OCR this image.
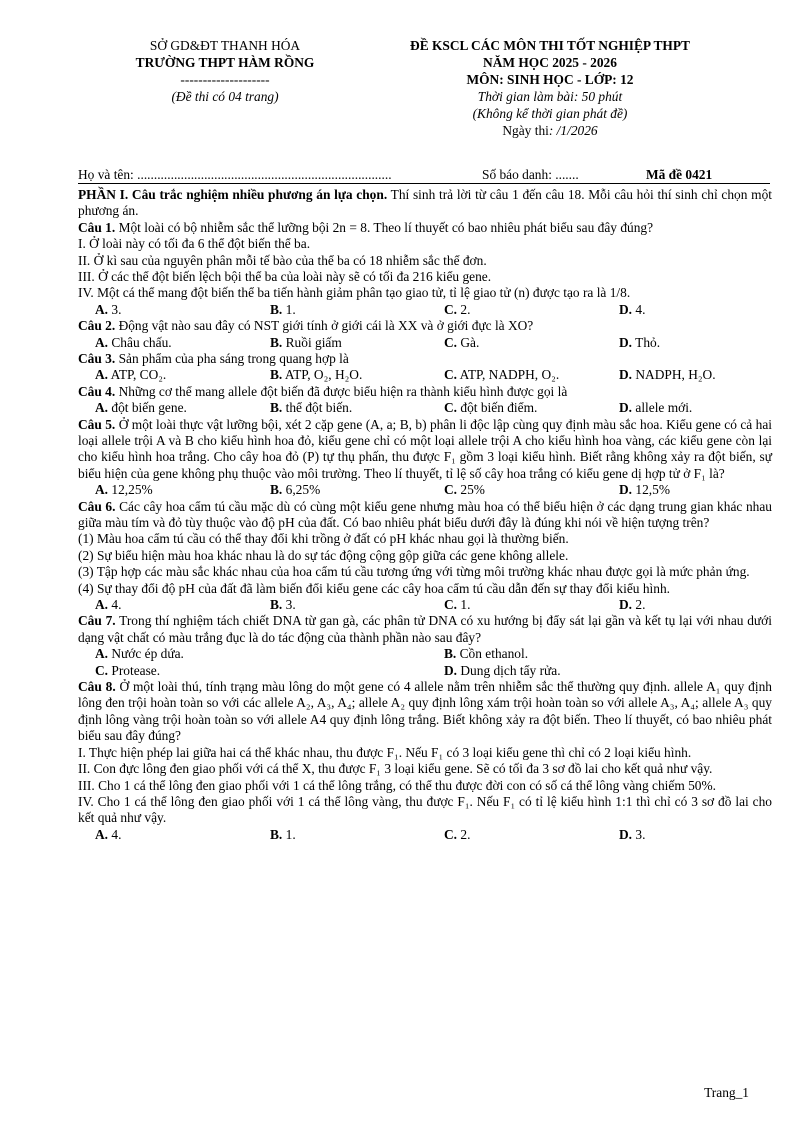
SỞ GD&ĐT THANH HÓA
TRƯỜNG THPT HÀM RỒNG
--------------------
(Đề thi có 04 trang)
ĐỀ KSCL CÁC MÔN THI TỐT NGHIỆP THPT
NĂM HỌC 2025 - 2026
MÔN: SINH HỌC - LỚP: 12
Thời gian làm bài: 50 phút
(Không kể thời gian phát đề)
Ngày thi: /1/2026
Họ và tên: ............................................................................	Số báo danh: .......	Mã đề 0421

PHẦN I. Câu trắc nghiệm nhiều phương án lựa chọn. Thí sinh trả lời từ câu 1 đến câu 18. Mỗi câu hỏi thí sinh chỉ chọn một phương án.

Câu 1. Một loài có bộ nhiễm sắc thể lưỡng bội 2n = 8. Theo lí thuyết có bao nhiêu phát biểu sau đây đúng?

I. Ở loài này có tối đa 6 thể đột biến thể ba.

II. Ở kì sau của nguyên phân mỗi tế bào của thể ba có 18 nhiễm sắc thể đơn.

III. Ở các thể đột biến lệch bội thể ba của loài này sẽ có tối đa 216 kiểu gene.

IV. Một cá thể mang đột biến thể ba tiến hành giảm phân tạo giao tử, tỉ lệ giao tử (n) được tạo ra là 1/8.

A. 3.	B. 1.	C. 2.	D. 4.

Câu 2. Động vật nào sau đây có NST giới tính ở giới cái là XX và ở giới đực là XO?

A. Châu chấu.	B. Ruồi giấm	C. Gà.	D. Thỏ.

Câu 3. Sản phẩm của pha sáng trong quang hợp là

A. ATP, CO₂.	B. ATP, O₂, H₂O.	C. ATP, NADPH, O₂.	D. NADPH, H₂O.

Câu 4. Những cơ thể mang allele đột biến đã được biểu hiện ra thành kiểu hình được gọi là

A. đột biến gene.	B. thể đột biến.	C. đột biến điểm.	D. allele mới.

Câu 5. Ở một loài thực vật lưỡng bội, xét 2 cặp gene (A, a; B, b) phân li độc lập cùng quy định màu sắc hoa. Kiểu gene có cả hai loại allele trội A và B cho kiểu hình hoa đỏ, kiểu gene chỉ có một loại allele trội A cho kiểu hình hoa vàng, các kiểu gene còn lại cho kiểu hình hoa trắng. Cho cây hoa đỏ (P) tự thụ phấn, thu được F₁ gồm 3 loại kiểu hình. Biết rằng không xảy ra đột biến, sự biểu hiện của gene không phụ thuộc vào môi trường. Theo lí thuyết, tỉ lệ số cây hoa trắng có kiểu gene dị hợp tử ở F₁ là?

A. 12,25%	B. 6,25%	C. 25%	D. 12,5%

Câu 6. Các cây hoa cẩm tú cầu mặc dù có cùng một kiểu gene nhưng màu hoa có thể biểu hiện ở các dạng trung gian khác nhau giữa màu tím và đỏ tùy thuộc vào độ pH của đất. Có bao nhiêu phát biểu dưới đây là đúng khi nói về hiện tượng trên?

(1) Màu hoa cẩm tú cầu có thể thay đổi khi trồng ở đất có pH khác nhau gọi là thường biến.

(2) Sự biểu hiện màu hoa khác nhau là do sự tác động cộng gộp giữa các gene không allele.

(3) Tập hợp các màu sắc khác nhau của hoa cẩm tú cầu tương ứng với từng môi trường khác nhau được gọi là mức phản ứng.

(4) Sự thay đổi độ pH của đất đã làm biến đổi kiểu gene các cây hoa cẩm tú cầu dẫn đến sự thay đổi kiểu hình.

A. 4.	B. 3.	C. 1.	D. 2.

Câu 7. Trong thí nghiệm tách chiết DNA từ gan gà, các phân tử DNA có xu hướng bị đẩy sát lại gần và kết tụ lại với nhau dưới dạng vật chất có màu trắng đục là do tác động của thành phần nào sau đây?

A. Nước ép dứa.	B. Cồn ethanol.
C. Protease.	D. Dung dịch tẩy rửa.

Câu 8. Ở một loài thú, tính trạng màu lông do một gene có 4 allele nằm trên nhiễm sắc thể thường quy định. allele A₁ quy định lông đen trội hoàn toàn so với các allele A₂, A₃, A₄; allele A₂ quy định lông xám trội hoàn toàn so với allele A₃, A₄; allele A₃ quy định lông vàng trội hoàn toàn so với allele A4 quy định lông trắng. Biết không xảy ra đột biến. Theo lí thuyết, có bao nhiêu phát biểu sau đây đúng?

I. Thực hiện phép lai giữa hai cá thể khác nhau, thu được F₁. Nếu F₁ có 3 loại kiểu gene thì chỉ có 2 loại kiểu hình.

II. Con đực lông đen giao phối với cá thể X, thu được F₁ 3 loại kiểu gene. Sẽ có tối đa 3 sơ đồ lai cho kết quả như vậy.

III. Cho 1 cá thể lông đen giao phối với 1 cá thể lông trắng, có thể thu được đời con có số cá thể lông vàng chiếm 50%.

IV. Cho 1 cá thể lông đen giao phối với 1 cá thể lông vàng, thu được F₁. Nếu F₁ có tỉ lệ kiểu hình 1:1 thì chỉ có 3 sơ đồ lai cho kết quả như vậy.

A. 4.	B. 1.	C. 2.	D. 3.
Trang_1
